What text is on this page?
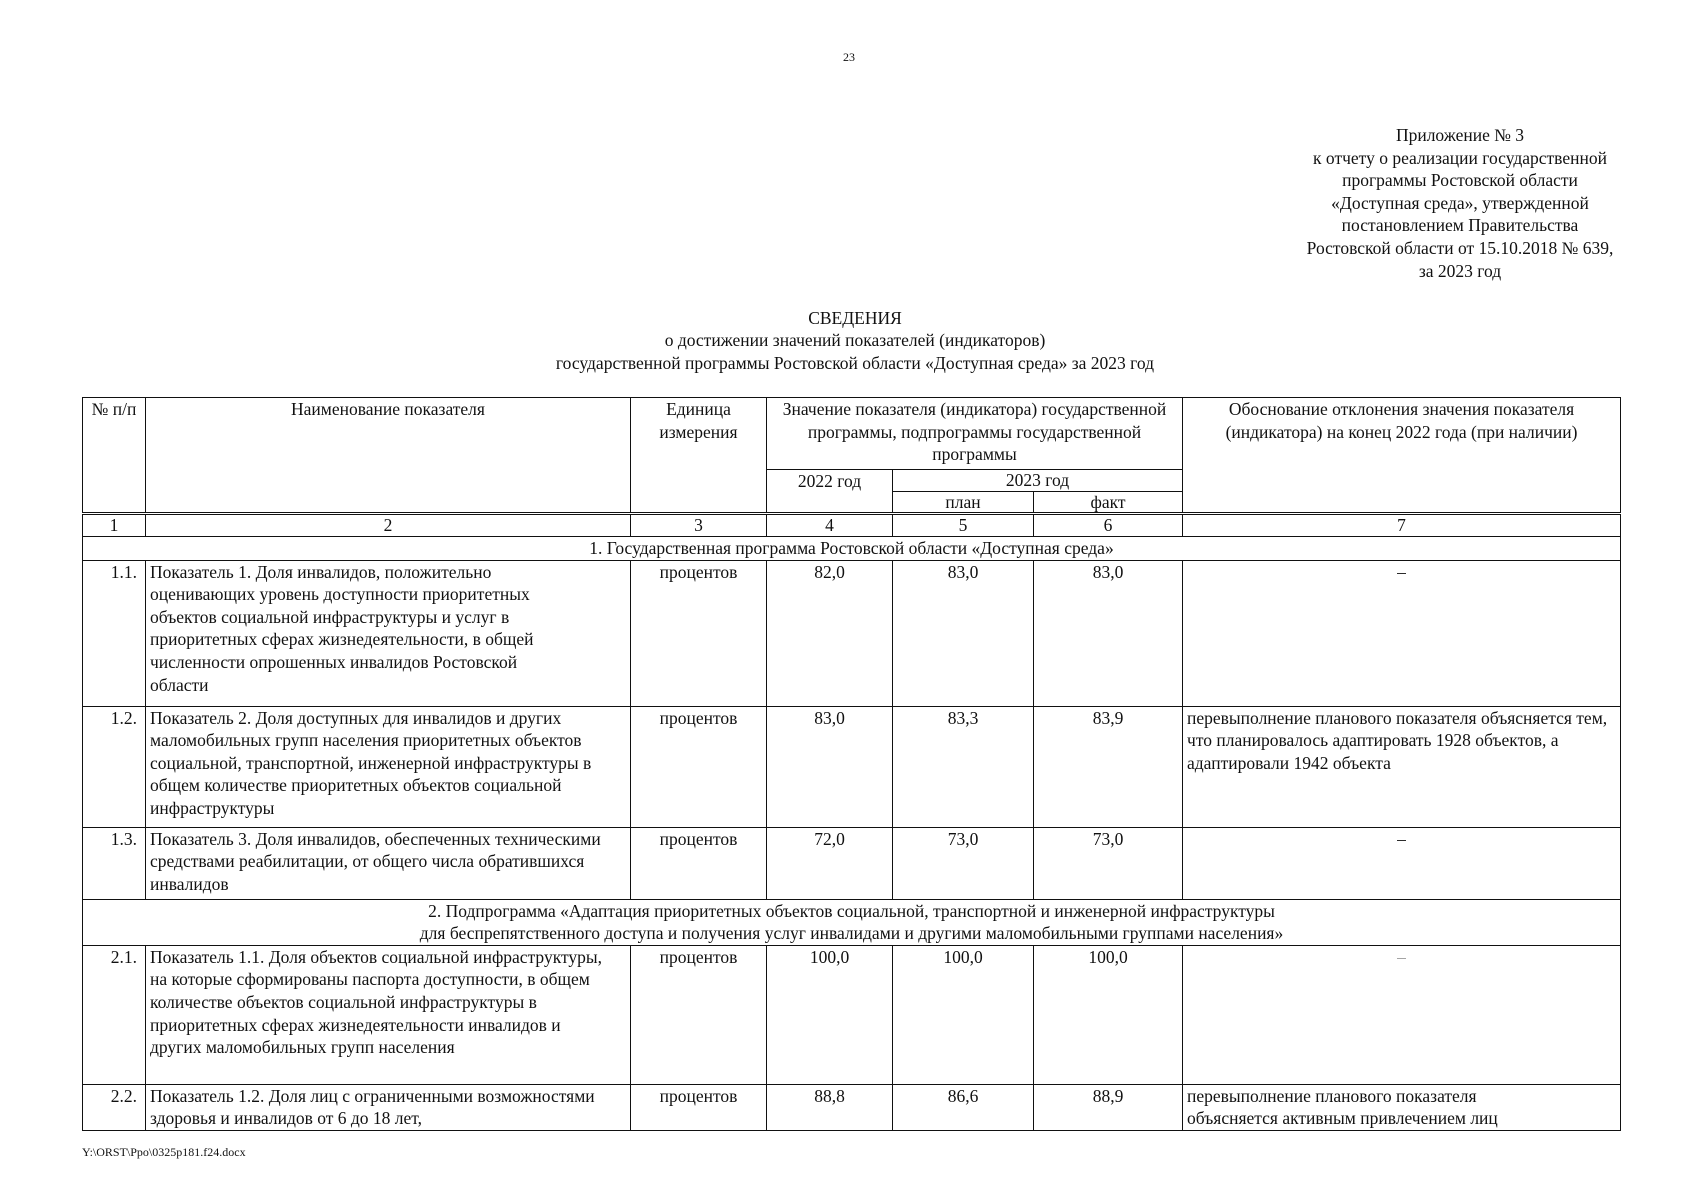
23
Приложение № 3
к отчету о реализации государственной
программы Ростовской области
«Доступная среда», утвержденной
постановлением Правительства
Ростовской области от 15.10.2018 № 639,
за 2023 год
СВЕДЕНИЯ
о достижении значений показателей (индикаторов)
государственной программы Ростовской области «Доступная среда» за 2023 год
№ п/п	Наименование показателя	Единица измерения	Значение показателя (индикатора) государственной программы, подпрограммы государственной программы			Обоснование отклонения значения показателя (индикатора) на конец 2022 года (при наличии)
			2022 год	2023 год		
				план	факт	
1	2	3	4	5	6	7
1. Государственная программа Ростовской области «Доступная среда»						
1.1.	Показатель 1. Доля инвалидов, положительно оценивающих уровень доступности приоритетных объектов социальной инфраструктуры и услуг в приоритетных сферах жизнедеятельности, в общей численности опрошенных инвалидов Ростовской области	процентов	82,0	83,0	83,0	–
1.2.	Показатель 2. Доля доступных для инвалидов и других маломобильных групп населения приоритетных объектов социальной, транспортной, инженерной инфраструктуры в общем количестве приоритетных объектов социальной инфраструктуры	процентов	83,0	83,3	83,9	перевыполнение планового показателя объясняется тем, что планировалось адаптировать 1928 объектов, а адаптировали 1942 объекта
1.3.	Показатель 3. Доля инвалидов, обеспеченных техническими средствами реабилитации, от общего числа обратившихся инвалидов	процентов	72,0	73,0	73,0	–

2. Подпрограмма «Адаптация приоритетных объектов социальной, транспортной и инженерной инфраструктуры
для беспрепятственного доступа и получения услуг инвалидами и другими маломобильными группами населения»						

2.1.	Показатель 1.1. Доля объектов социальной инфраструктуры, на которые сформированы паспорта доступности, в общем количестве объектов социальной инфраструктуры в приоритетных сферах жизнедеятельности инвалидов и других маломобильных групп населения	процентов	100,0	100,0	100,0	–
2.2.	Показатель 1.2. Доля лиц с ограниченными возможностями здоровья и инвалидов от 6 до 18 лет,	процентов	88,8	86,6	88,9	перевыполнение планового показателя объясняется активным привлечением лиц
Y:\ORST\Ppo\0325p181.f24.docx
